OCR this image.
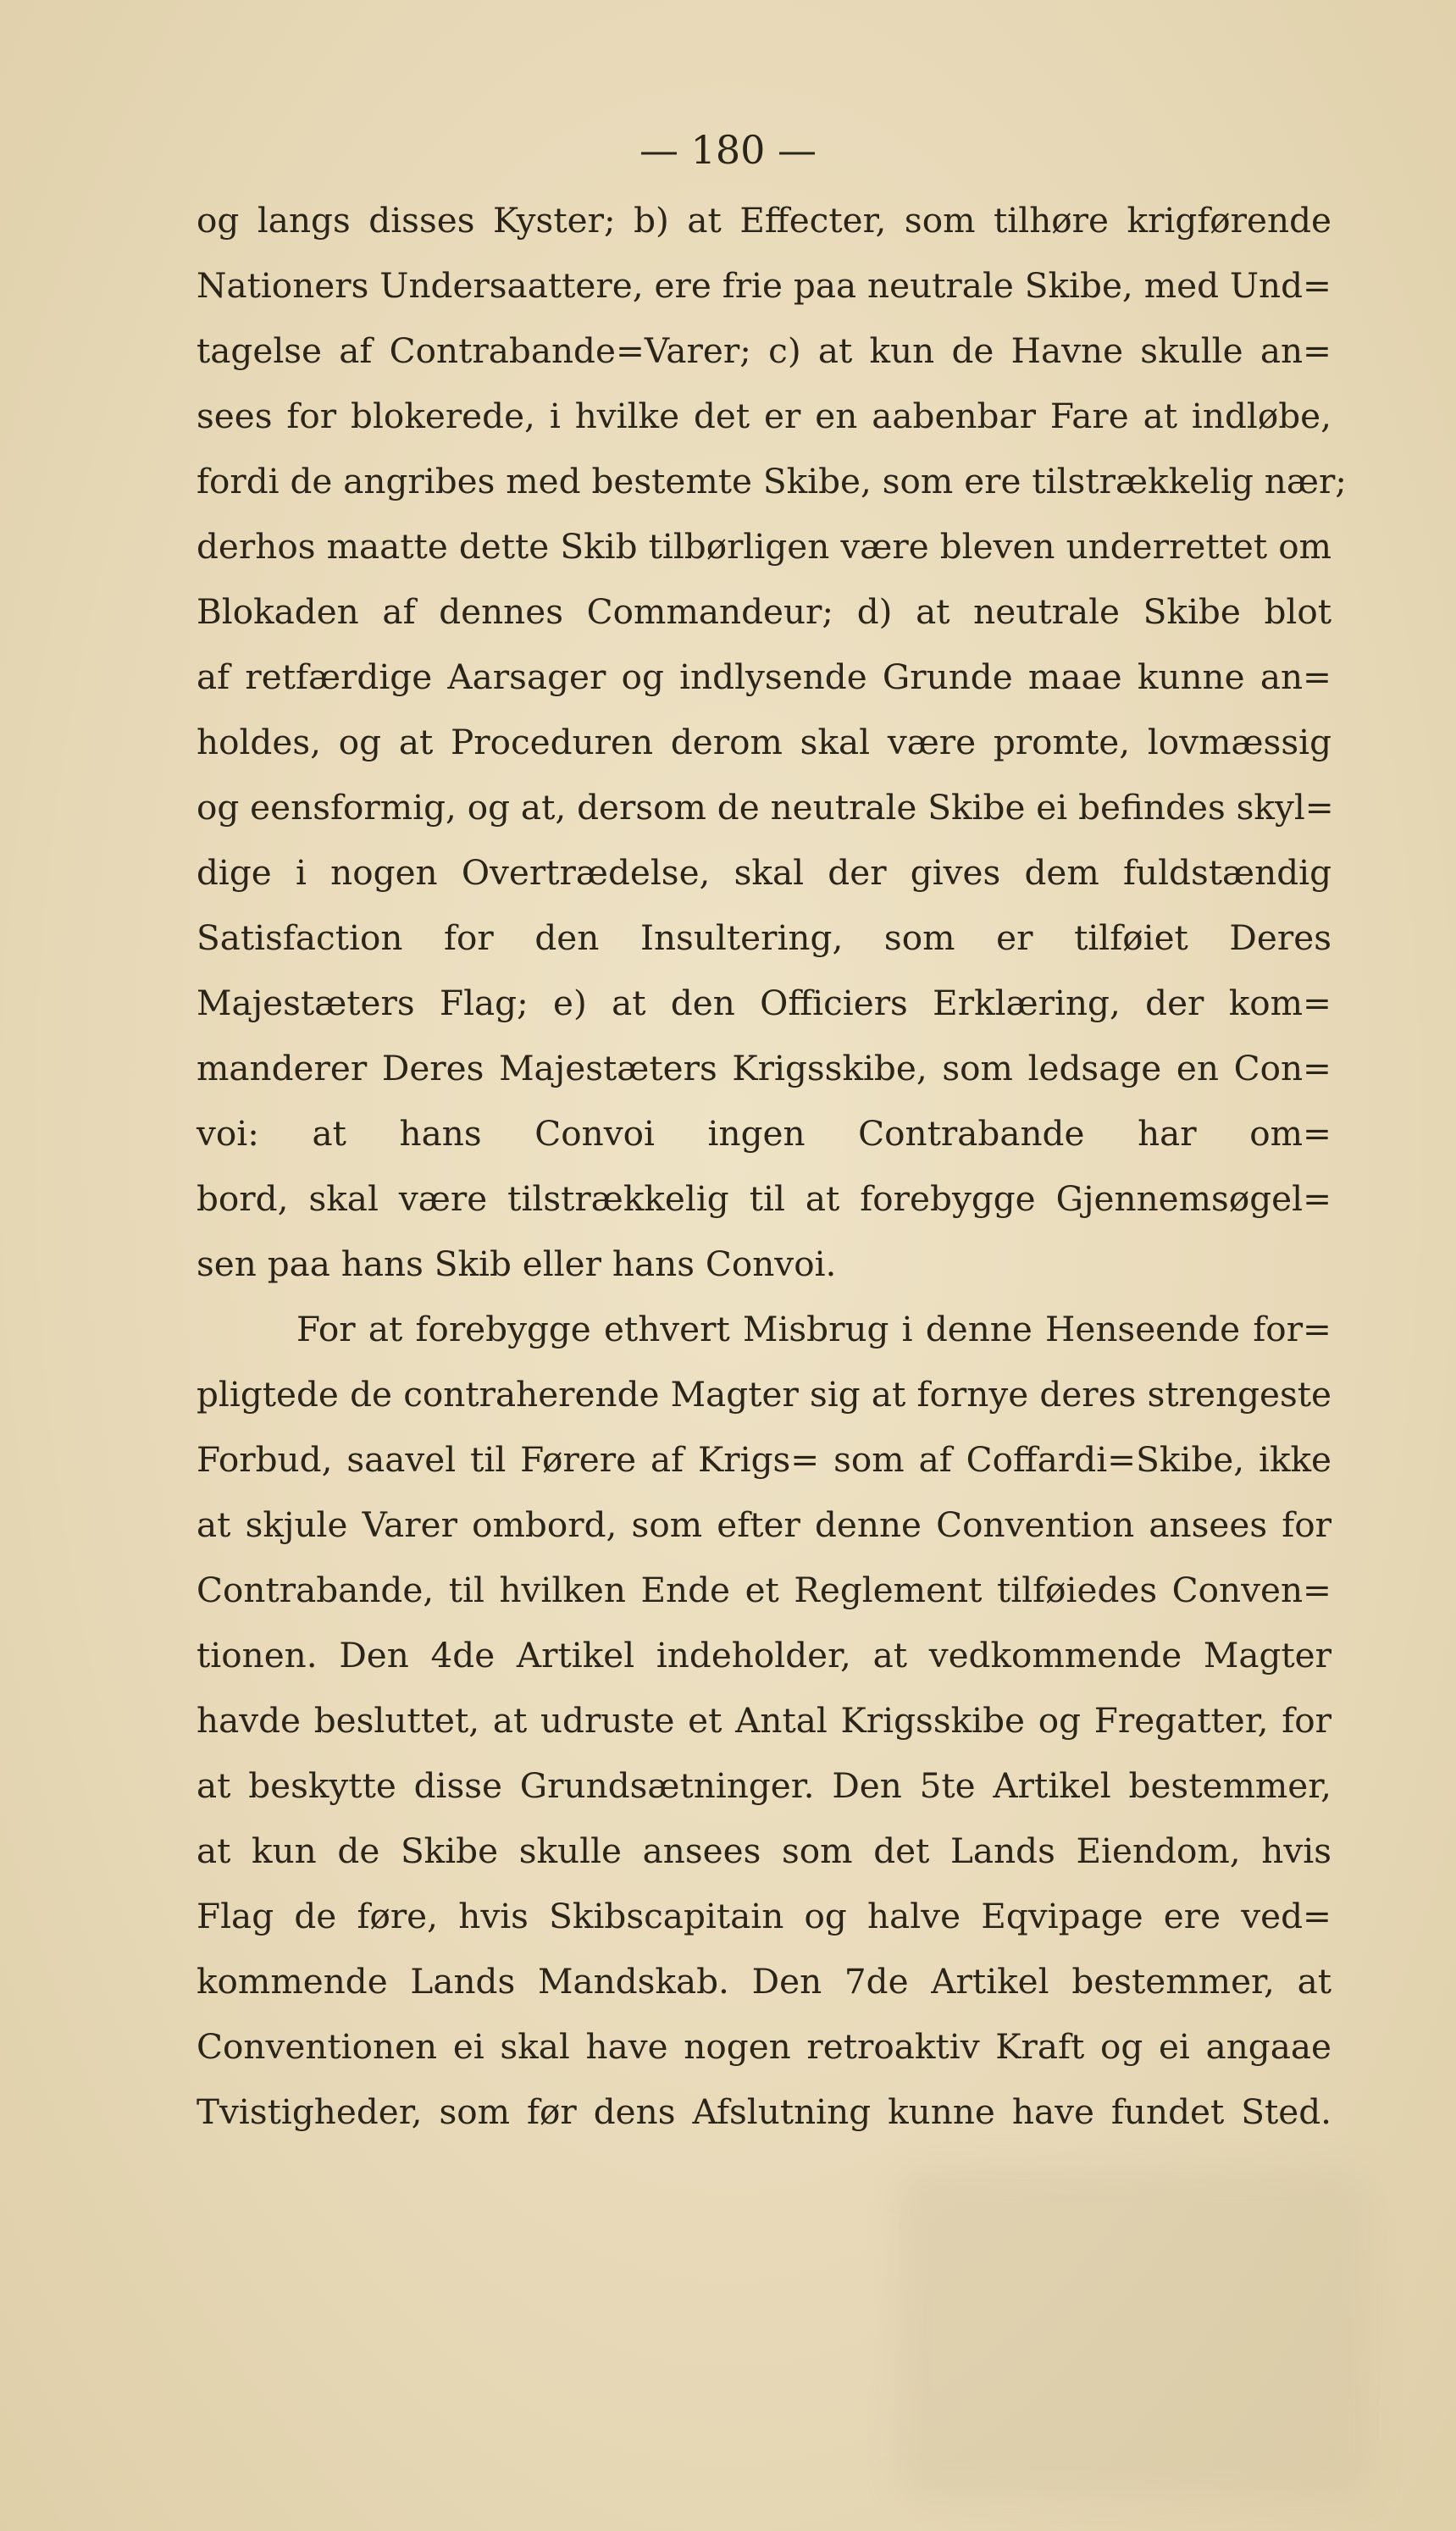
— 180 —
og langs disses Kyster; b) at Effecter, som tilhøre krigførende
Nationers Undersaattere, ere frie paa neutrale Skibe, med Und=
tagelse af Contrabande=Varer; c) at kun de Havne skulle an=
sees for blokerede, i hvilke det er en aabenbar Fare at indløbe,
fordi de angribes med bestemte Skibe, som ere tilstrækkelig nær;
derhos maatte dette Skib tilbørligen være bleven underrettet om
Blokaden af dennes Commandeur; d) at neutrale Skibe blot
af retfærdige Aarsager og indlysende Grunde maae kunne an=
holdes, og at Proceduren derom skal være promte, lovmæssig
og eensformig, og at, dersom de neutrale Skibe ei befindes skyl=
dige i nogen Overtrædelse, skal der gives dem fuldstændig
Satisfaction for den Insultering, som er tilføiet Deres
Majestæters Flag; e) at den Officiers Erklæring, der kom=
manderer Deres Majestæters Krigsskibe, som ledsage en Con=
voi: at hans Convoi ingen Contrabande har om=
bord, skal være tilstrækkelig til at forebygge Gjennemsøgel=
sen paa hans Skib eller hans Convoi.
For at forebygge ethvert Misbrug i denne Henseende for=
pligtede de contraherende Magter sig at fornye deres strengeste
Forbud, saavel til Førere af Krigs= som af Coffardi=Skibe, ikke
at skjule Varer ombord, som efter denne Convention ansees for
Contrabande, til hvilken Ende et Reglement tilføiedes Conven=
tionen. Den 4de Artikel indeholder, at vedkommende Magter
havde besluttet, at udruste et Antal Krigsskibe og Fregatter, for
at beskytte disse Grundsætninger. Den 5te Artikel bestemmer,
at kun de Skibe skulle ansees som det Lands Eiendom, hvis
Flag de føre, hvis Skibscapitain og halve Eqvipage ere ved=
kommende Lands Mandskab. Den 7de Artikel bestemmer, at
Conventionen ei skal have nogen retroaktiv Kraft og ei angaae
Tvistigheder, som før dens Afslutning kunne have fundet Sted.
